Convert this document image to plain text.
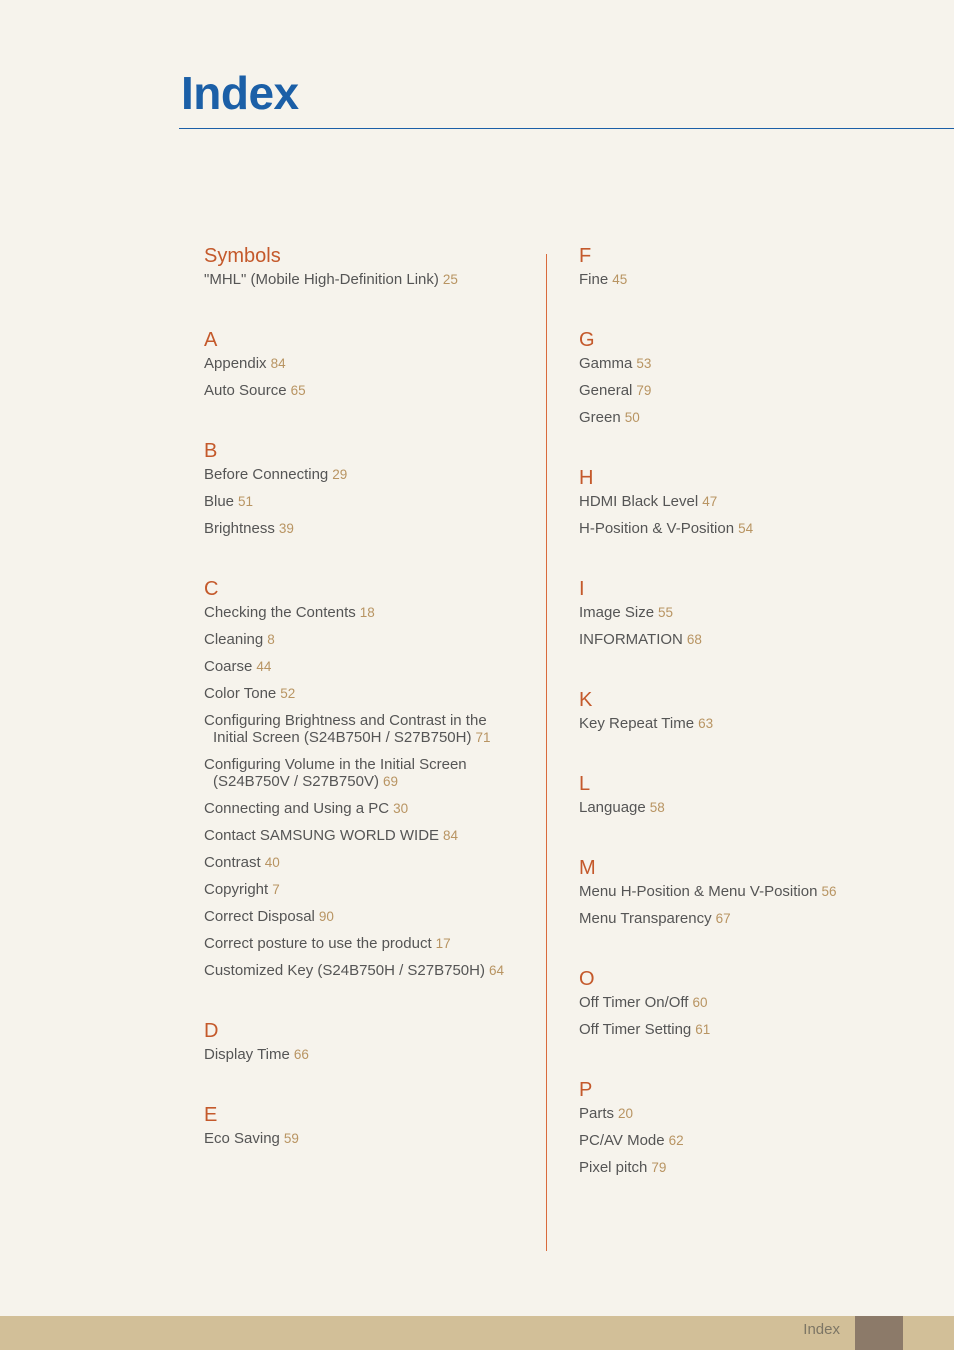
Index
Symbols
"MHL" (Mobile High-Definition Link) 25
A
Appendix 84
Auto Source 65
B
Before Connecting 29
Blue 51
Brightness 39
C
Checking the Contents 18
Cleaning 8
Coarse 44
Color Tone 52
Configuring Brightness and Contrast in the Initial Screen (S24B750H / S27B750H) 71
Configuring Volume in the Initial Screen (S24B750V / S27B750V) 69
Connecting and Using a PC 30
Contact SAMSUNG WORLD WIDE 84
Contrast 40
Copyright 7
Correct Disposal 90
Correct posture to use the product 17
Customized Key (S24B750H / S27B750H) 64
D
Display Time 66
E
Eco Saving 59
F
Fine 45
G
Gamma 53
General 79
Green 50
H
HDMI Black Level 47
H-Position & V-Position 54
I
Image Size 55
INFORMATION 68
K
Key Repeat Time 63
L
Language 58
M
Menu H-Position & Menu V-Position 56
Menu Transparency 67
O
Off Timer On/Off 60
Off Timer Setting 61
P
Parts 20
PC/AV Mode 62
Pixel pitch 79
Index
